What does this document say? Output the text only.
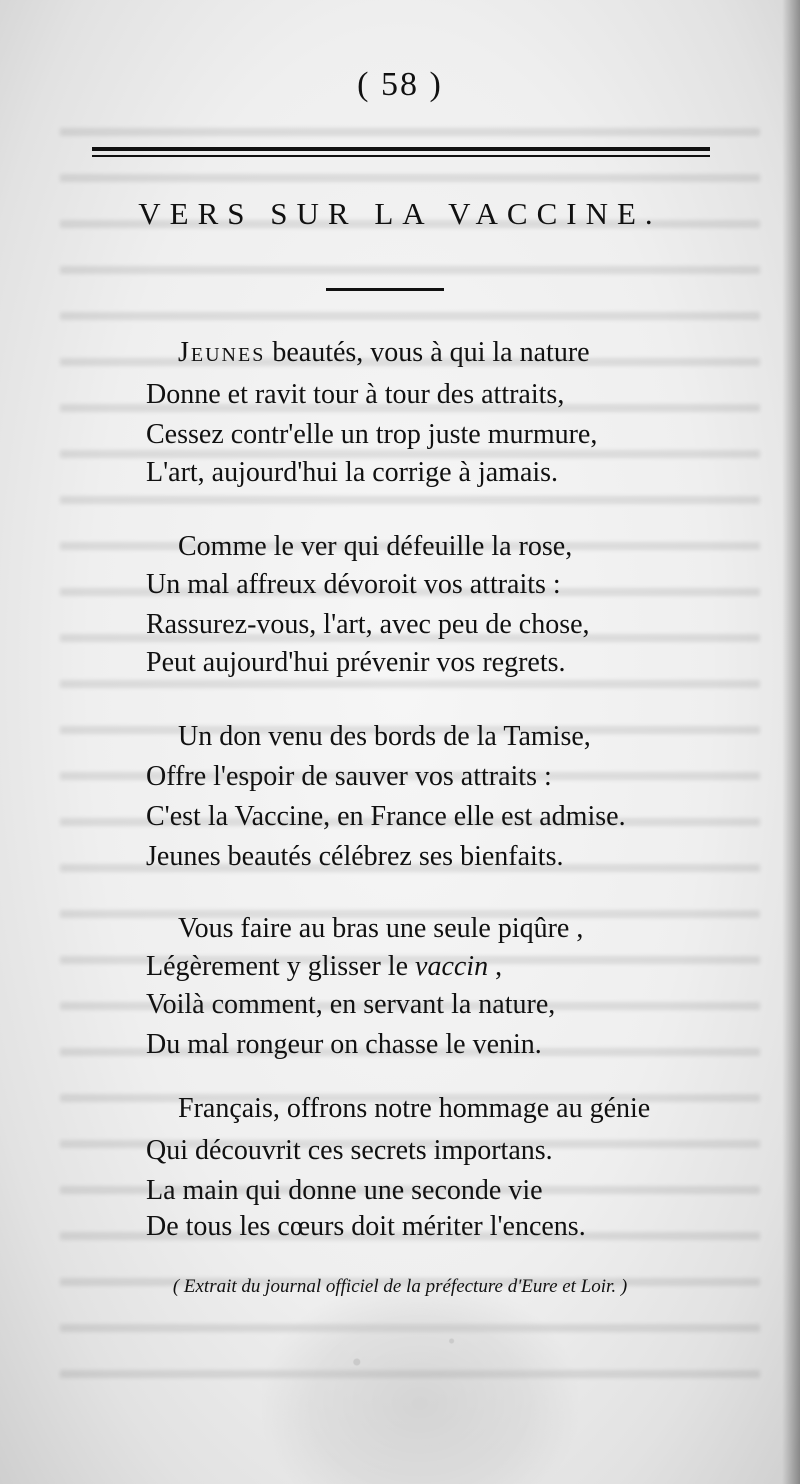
( 58 )
VERS SUR LA VACCINE.
Jeunes beautés, vous à qui la nature
Donne et ravit tour à tour des attraits,
Cessez contr'elle un trop juste murmure,
L'art, aujourd'hui la corrige à jamais.
Comme le ver qui défeuille la rose,
Un mal affreux dévoroit vos attraits :
Rassurez-vous, l'art, avec peu de chose,
Peut aujourd'hui prévenir vos regrets.
Un don venu des bords de la Tamise,
Offre l'espoir de sauver vos attraits :
C'est la Vaccine, en France elle est admise.
Jeunes beautés célébrez ses bienfaits.
Vous faire au bras une seule piqûre ,
Légèrement y glisser le vaccin ,
Voilà comment, en servant la nature,
Du mal rongeur on chasse le venin.
Français, offrons notre hommage au génie
Qui découvrit ces secrets importans.
La main qui donne une seconde vie
De tous les cœurs doit mériter l'encens.
( Extrait du journal officiel de la préfecture d'Eure et Loir. )
